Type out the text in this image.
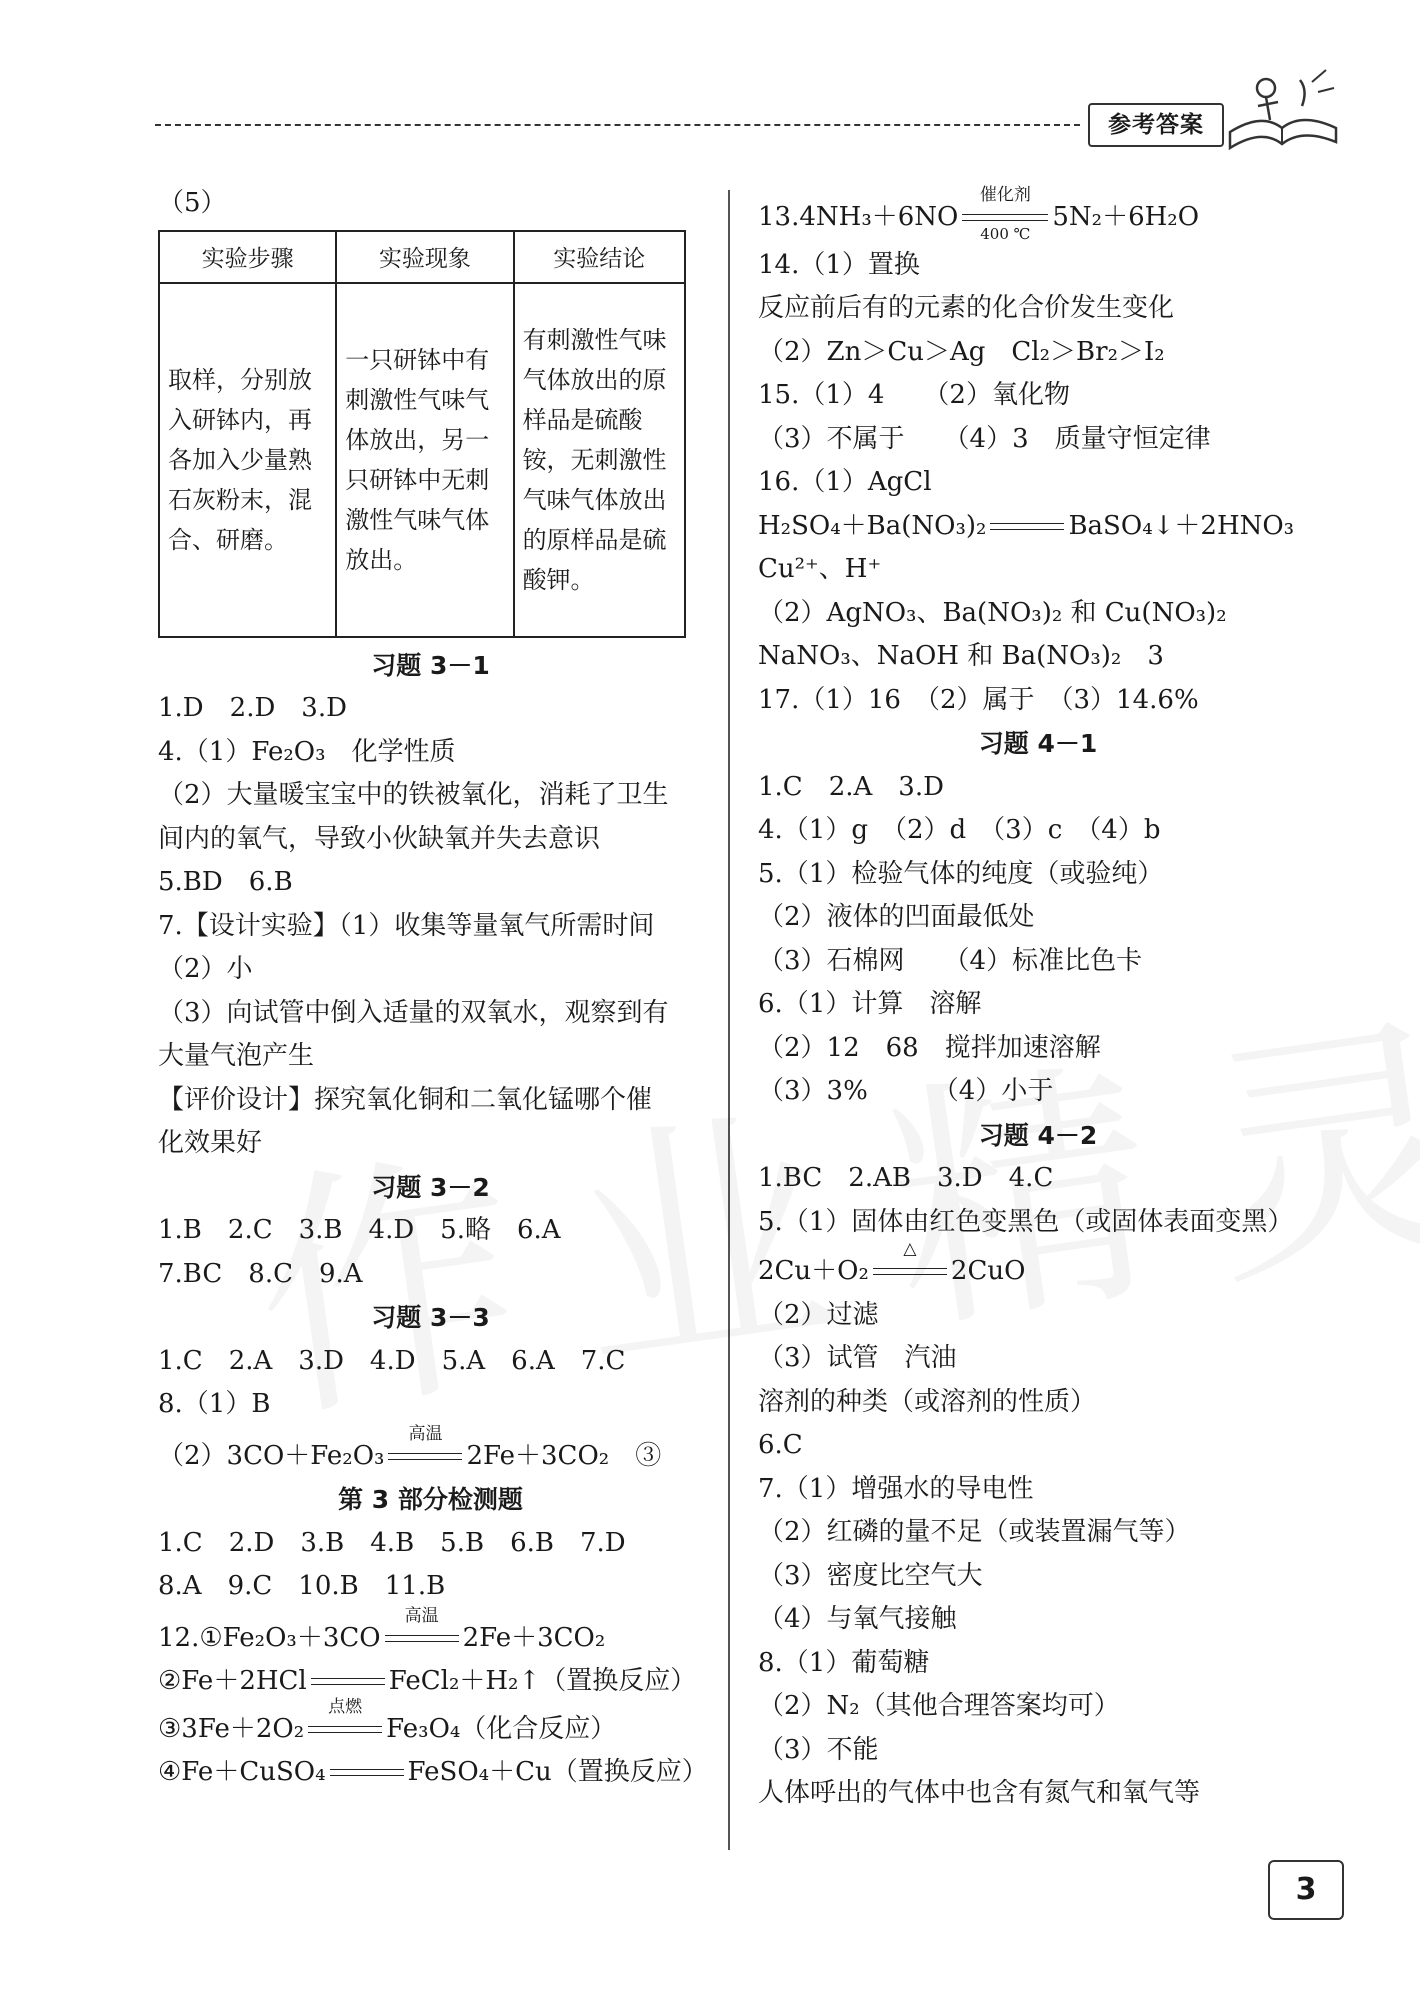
参考答案
（5）
实验步骤	实验现象	实验结论
取样，分别放入研钵内，再各加入少量熟石灰粉末，混合、研磨。	一只研钵中有刺激性气味气体放出，另一只研钵中无刺激性气味气体放出。	有刺激性气味气体放出的原样品是硫酸铵，无刺激性气味气体放出的原样品是硫酸钾。
习题 3－1
1.D　2.D　3.D
4.（1）Fe₂O₃　化学性质
（2）大量暖宝宝中的铁被氧化，消耗了卫生
间内的氧气，导致小伙缺氧并失去意识
5.BD　6.B
7.【设计实验】（1）收集等量氧气所需时间
（2）小
（3）向试管中倒入适量的双氧水，观察到有
大量气泡产生
【评价设计】探究氧化铜和二氧化锰哪个催
化效果好
习题 3－2
1.B　2.C　3.B　4.D　5.略　6.A
7.BC　8.C　9.A
习题 3－3
1.C　2.A　3.D　4.D　5.A　6.A　7.C
8.（1）B
（2）3CO＋Fe₂O₃
高温
2Fe＋3CO₂　③
第 3 部分检测题
1.C　2.D　3.B　4.B　5.B　6.B　7.D
8.A　9.C　10.B　11.B
12.①Fe₂O₃＋3CO
高温
2Fe＋3CO₂
②Fe＋2HCl	FeCl₂＋H₂↑（置换反应）
③3Fe＋2O₂
点燃
Fe₃O₄（化合反应）
④Fe＋CuSO₄	FeSO₄＋Cu（置换反应）
13.4NH₃＋6NO
催化剂
400 ℃
5N₂＋6H₂O
14.（1）置换
反应前后有的元素的化合价发生变化
（2）Zn＞Cu＞Ag　Cl₂＞Br₂＞I₂
15.（1）4　　（2）氧化物
（3）不属于　　（4）3　质量守恒定律
16.（1）AgCl
H₂SO₄＋Ba(NO₃)₂	BaSO₄↓＋2HNO₃
Cu²⁺、H⁺
（2）AgNO₃、Ba(NO₃)₂ 和 Cu(NO₃)₂
NaNO₃、NaOH 和 Ba(NO₃)₂　3
17.（1）16　（2）属于　（3）14.6%
习题 4－1
1.C　2.A　3.D
4.（1）g　（2）d　（3）c　（4）b
5.（1）检验气体的纯度（或验纯）
（2）液体的凹面最低处
（3）石棉网　　（4）标准比色卡
6.（1）计算　溶解
（2）12　68　搅拌加速溶解
（3）3%　　　（4）小于
习题 4－2
1.BC　2.AB　3.D　4.C
5.（1）固体由红色变黑色（或固体表面变黑）
2Cu＋O₂
△
2CuO
（2）过滤
（3）试管　汽油
溶剂的种类（或溶剂的性质）
6.C
7.（1）增强水的导电性
（2）红磷的量不足（或装置漏气等）
（3）密度比空气大
（4）与氧气接触
8.（1）葡萄糖
（2）N₂（其他合理答案均可）
（3）不能
人体呼出的气体中也含有氮气和氧气等
3
